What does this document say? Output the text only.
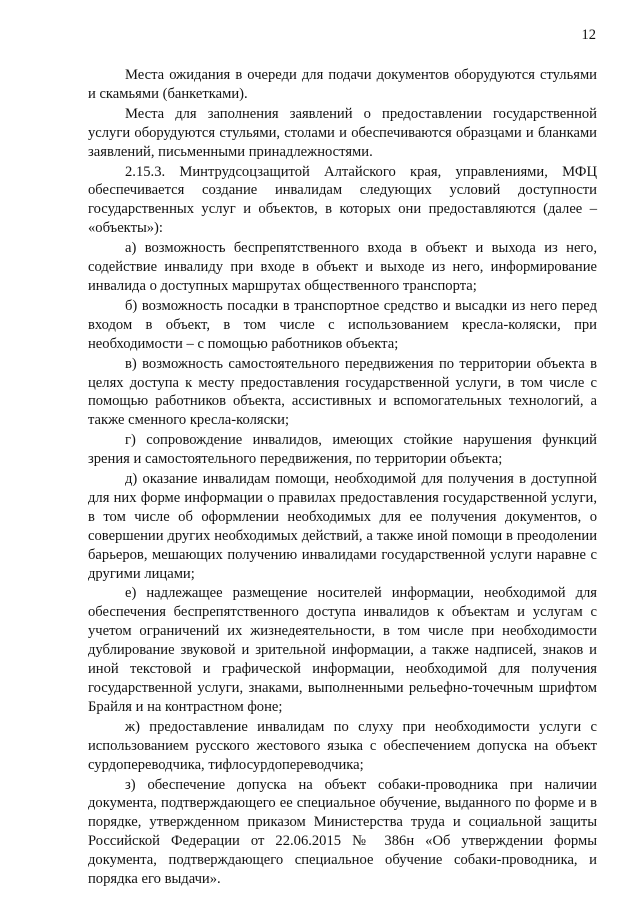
12

Места ожидания в очереди для подачи документов оборудуются стульями и скамьями (банкетками).

Места для заполнения заявлений о предоставлении государственной услуги оборудуются стульями, столами и обеспечиваются образцами и бланками заявлений, письменными принадлежностями.

2.15.3. Минтрудсоцзащитой Алтайского края, управлениями, МФЦ обеспечивается создание инвалидам следующих условий доступности государственных услуг и объектов, в которых они предоставляются (далее – «объекты»):

а) возможность беспрепятственного входа в объект и выхода из него, содействие инвалиду при входе в объект и выходе из него, информирование инвалида о доступных маршрутах общественного транспорта;

б) возможность посадки в транспортное средство и высадки из него перед входом в объект, в том числе с использованием кресла-коляски, при необходимости – с помощью работников объекта;

в) возможность самостоятельного передвижения по территории объекта в целях доступа к месту предоставления государственной услуги, в том числе с помощью работников объекта, ассистивных и вспомогательных технологий, а также сменного кресла-коляски;

г) сопровождение инвалидов, имеющих стойкие нарушения функций зрения и самостоятельного передвижения, по территории объекта;

д) оказание инвалидам помощи, необходимой для получения в доступной для них форме информации о правилах предоставления государственной услуги, в том числе об оформлении необходимых для ее получения документов, о совершении других необходимых действий, а также иной помощи в преодолении барьеров, мешающих получению инвалидами государственной услуги наравне с другими лицами;

е) надлежащее размещение носителей информации, необходимой для обеспечения беспрепятственного доступа инвалидов к объектам и услугам с учетом ограничений их жизнедеятельности, в том числе при необходимости дублирование звуковой и зрительной информации, а также надписей, знаков и иной текстовой и графической информации, необходимой для получения государственной услуги, знаками, выполненными рельефно-точечным шрифтом Брайля и на контрастном фоне;

ж) предоставление инвалидам по слуху при необходимости услуги с использованием русского жестового языка с обеспечением допуска на объект сурдопереводчика, тифлосурдопереводчика;

з) обеспечение допуска на объект собаки-проводника при наличии документа, подтверждающего ее специальное обучение, выданного по форме и в порядке, утвержденном приказом Министерства труда и социальной защиты Российской Федерации от 22.06.2015 № 386н «Об утверждении формы документа, подтверждающего специальное обучение собаки-проводника, и порядка его выдачи».
